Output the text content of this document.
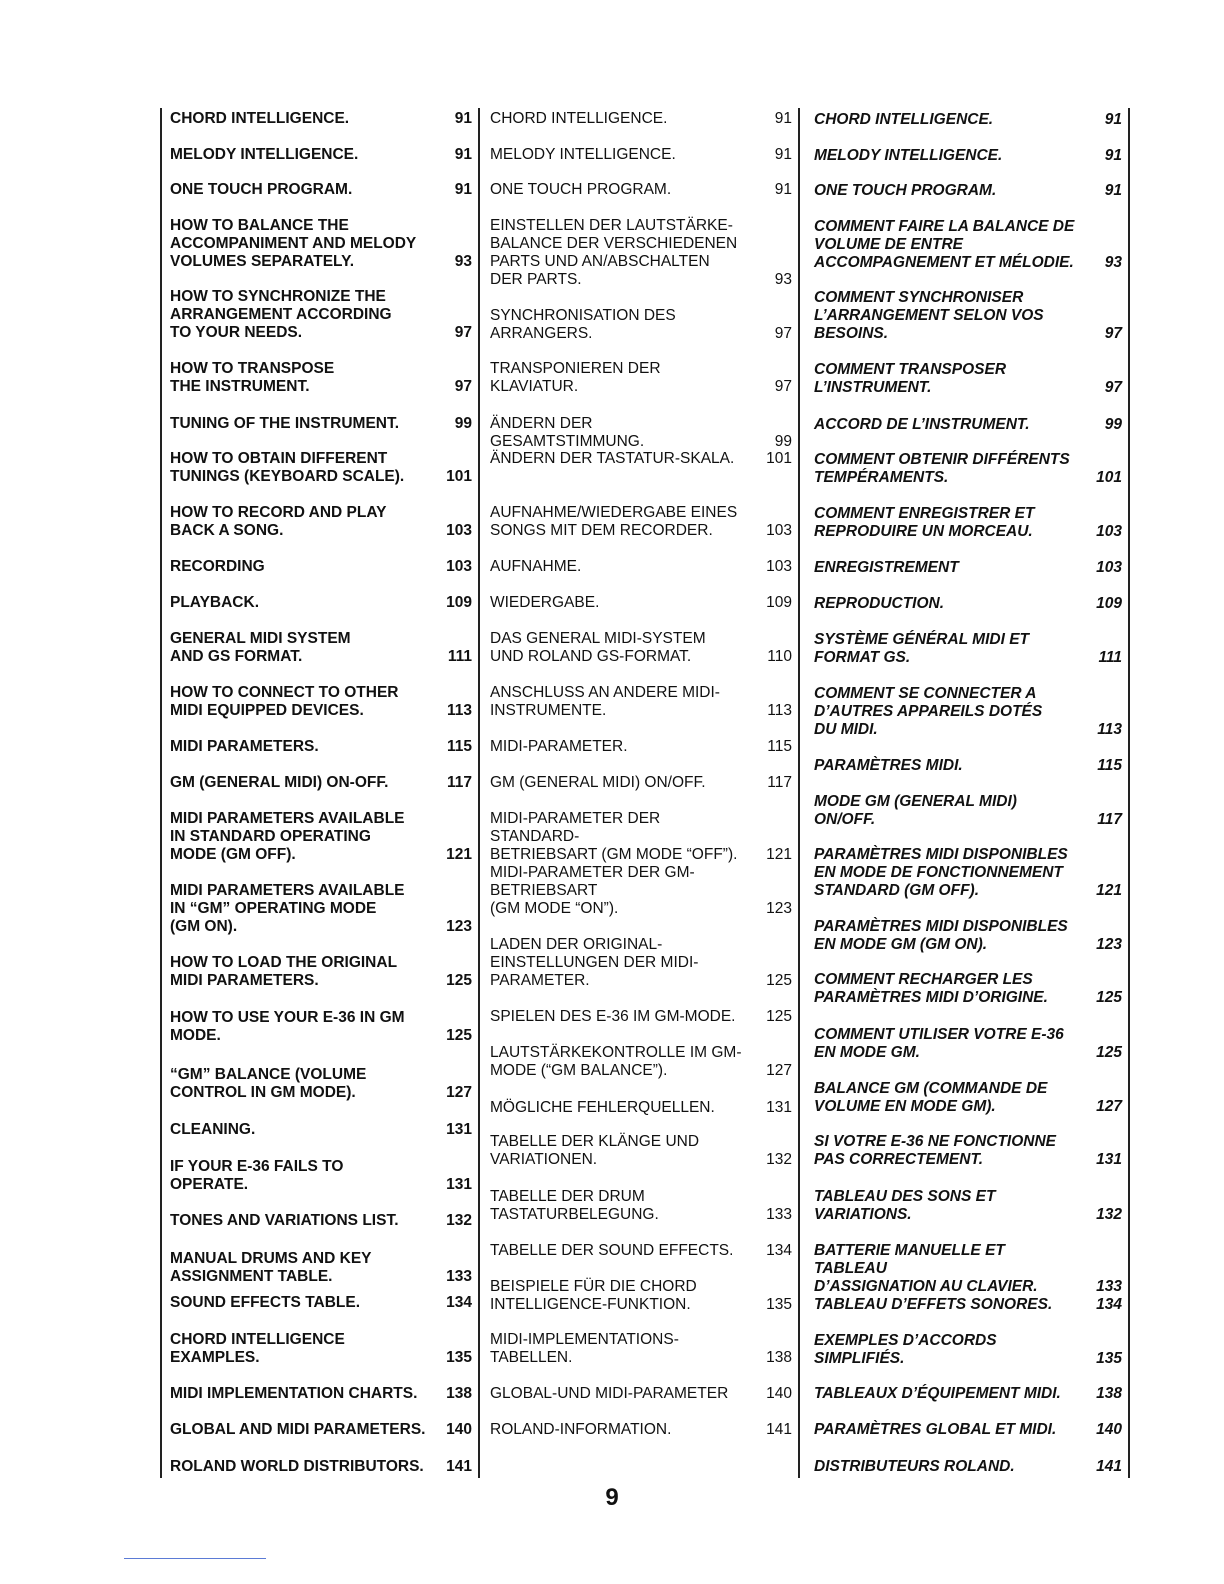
CHORD INTELLIGENCE.	91
MELODY INTELLIGENCE.	91
ONE TOUCH PROGRAM.	91
HOW TO BALANCE THE
ACCOMPANIMENT AND MELODY
VOLUMES SEPARATELY.	93
HOW TO SYNCHRONIZE THE
ARRANGEMENT ACCORDING
TO YOUR NEEDS.	97
HOW TO TRANSPOSE
THE INSTRUMENT.	97
TUNING OF THE INSTRUMENT.	99
HOW TO OBTAIN DIFFERENT
TUNINGS (KEYBOARD SCALE).	101
HOW TO RECORD AND PLAY
BACK A SONG.	103
RECORDING	103
PLAYBACK.	109
GENERAL MIDI SYSTEM
AND GS FORMAT.	111
HOW TO CONNECT TO OTHER
MIDI EQUIPPED DEVICES.	113
MIDI PARAMETERS.	115
GM (GENERAL MIDI) ON-OFF.	117
MIDI PARAMETERS AVAILABLE
IN STANDARD OPERATING
MODE (GM OFF).	121
MIDI PARAMETERS AVAILABLE
IN “GM” OPERATING MODE
(GM ON).	123
HOW TO LOAD THE ORIGINAL
MIDI PARAMETERS.	125
HOW TO USE YOUR E-36 IN GM
MODE.	125
“GM” BALANCE (VOLUME
CONTROL IN GM MODE).	127
CLEANING.	131
IF YOUR E-36 FAILS TO
OPERATE.	131
TONES AND VARIATIONS LIST.	132
MANUAL DRUMS AND KEY
ASSIGNMENT TABLE.	133
SOUND EFFECTS TABLE.	134
CHORD INTELLIGENCE
EXAMPLES.	135
MIDI IMPLEMENTATION CHARTS.	138
GLOBAL AND MIDI PARAMETERS.	140
ROLAND WORLD DISTRIBUTORS.	141
CHORD INTELLIGENCE.	91
MELODY INTELLIGENCE.	91
ONE TOUCH PROGRAM.	91
EINSTELLEN DER LAUTSTÄRKE-
BALANCE DER VERSCHIEDENEN
PARTS UND AN/ABSCHALTEN
DER PARTS.	93
SYNCHRONISATION DES
ARRANGERS.	97
TRANSPONIEREN DER
KLAVIATUR.	97
ÄNDERN DER GESAMTSTIMMUNG.	99
ÄNDERN DER TASTATUR-SKALA.	101
AUFNAHME/WIEDERGABE EINES
SONGS MIT DEM RECORDER.	103
AUFNAHME.	103
WIEDERGABE.	109
DAS GENERAL MIDI-SYSTEM
UND ROLAND GS-FORMAT.	110
ANSCHLUSS AN ANDERE MIDI-
INSTRUMENTE.	113
MIDI-PARAMETER.	115
GM (GENERAL MIDI) ON/OFF.	117
MIDI-PARAMETER DER STANDARD-
BETRIEBSART (GM MODE “OFF”).	121
MIDI-PARAMETER DER GM-
BETRIEBSART
(GM MODE “ON”).	123
LADEN DER ORIGINAL-
EINSTELLUNGEN DER MIDI-
PARAMETER.	125
SPIELEN DES E-36 IM GM-MODE.	125
LAUTSTÄRKEKONTROLLE IM GM-
MODE (“GM BALANCE”).	127
MÖGLICHE FEHLERQUELLEN.	131
TABELLE DER KLÄNGE UND
VARIATIONEN.	132
TABELLE DER DRUM
TASTATURBELEGUNG.	133
TABELLE DER SOUND EFFECTS.	134
BEISPIELE FÜR DIE CHORD
INTELLIGENCE-FUNKTION.	135
MIDI-IMPLEMENTATIONS-
TABELLEN.	138
GLOBAL-UND MIDI-PARAMETER	140
ROLAND-INFORMATION.	141
CHORD INTELLIGENCE.	91
MELODY INTELLIGENCE.	91
ONE TOUCH PROGRAM.	91
COMMENT FAIRE LA BALANCE DE
VOLUME DE ENTRE
ACCOMPAGNEMENT ET MÉLODIE.	93
COMMENT SYNCHRONISER
L’ARRANGEMENT SELON VOS
BESOINS.	97
COMMENT TRANSPOSER
L’INSTRUMENT.	97
ACCORD DE L’INSTRUMENT.	99
COMMENT OBTENIR DIFFÉRENTS
TEMPÉRAMENTS.	101
COMMENT ENREGISTRER ET
REPRODUIRE UN MORCEAU.	103
ENREGISTREMENT	103
REPRODUCTION.	109
SYSTÈME GÉNÉRAL MIDI ET
FORMAT GS.	111
COMMENT SE CONNECTER A
D’AUTRES APPAREILS DOTÉS
DU MIDI.	113
PARAMÈTRES MIDI.	115
MODE GM (GENERAL MIDI)
ON/OFF.	117
PARAMÈTRES MIDI DISPONIBLES
EN MODE DE FONCTIONNEMENT
STANDARD (GM OFF).	121
PARAMÈTRES MIDI DISPONIBLES
EN MODE GM (GM ON).	123
COMMENT RECHARGER LES
PARAMÈTRES MIDI D’ORIGINE.	125
COMMENT UTILISER VOTRE E-36
EN MODE GM.	125
BALANCE GM (COMMANDE DE
VOLUME EN MODE GM).	127
SI VOTRE E-36 NE FONCTIONNE
PAS CORRECTEMENT.	131
TABLEAU DES SONS ET
VARIATIONS.	132
BATTERIE MANUELLE ET TABLEAU
D’ASSIGNATION AU CLAVIER.	133
TABLEAU D’EFFETS SONORES.	134
EXEMPLES D’ACCORDS
SIMPLIFIÉS.	135
TABLEAUX D’ÉQUIPEMENT MIDI.	138
PARAMÈTRES GLOBAL ET MIDI.	140
DISTRIBUTEURS ROLAND.	141
9
